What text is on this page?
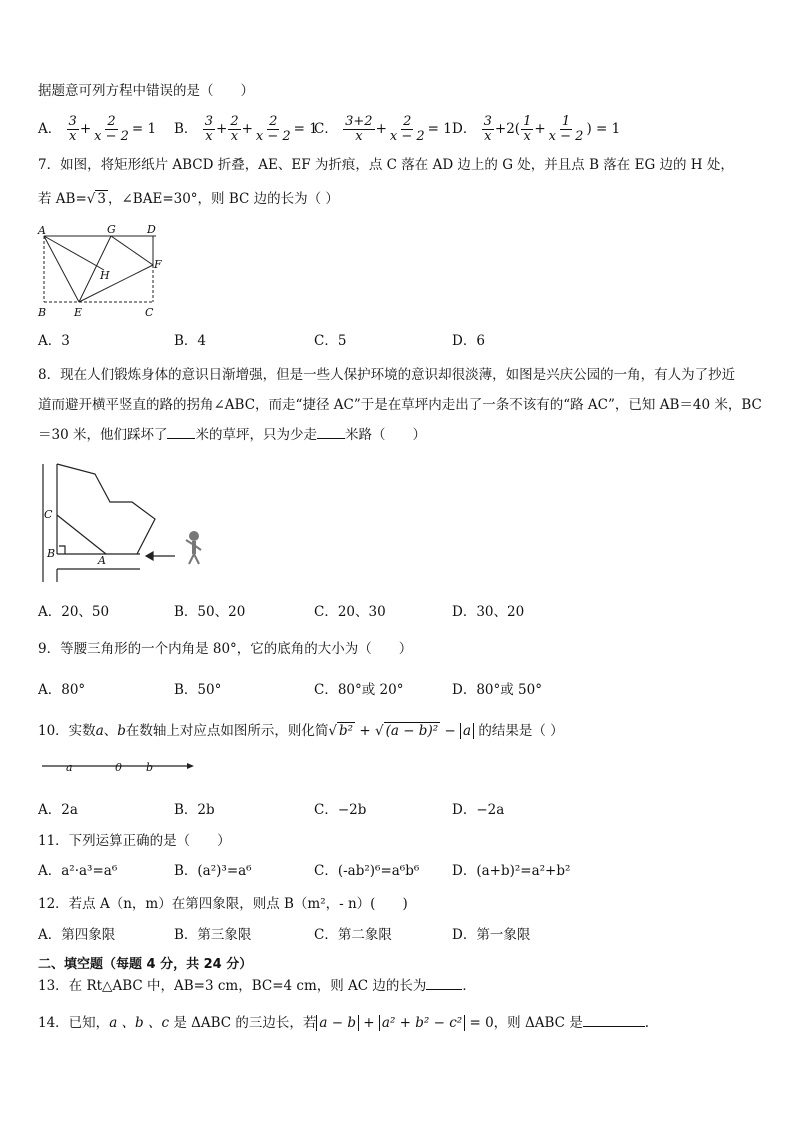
据题意可列方程中错误的是（　　）
A． $\frac{3}{x} + \frac{2}{x - 2} = 1$ B． $\frac{3}{x} + \frac{2}{x} + \frac{2}{x - 2} = 1$
C． $\frac{3+2}{x} + \frac{2}{x - 2} = 1$ D． $\frac{3}{x} +2( \frac{1}{x} + \frac{1}{x - 2}$ ) = 1
7．如图，将矩形纸片 ABCD 折叠，AE、EF 为折痕，点 C 落在 AD 边上的 G 处，并且点 B 落在 EG 边的 H 处，
若 AB=√ 3 ，∠BAE=30°，则 BC 边的长为（ ）
A	G	D
H
F
B	E	C
A．3	B．4	C．5	D．6
8．现在人们锻炼身体的意识日渐增强，但是一些人保护环境的意识却很淡薄，如图是兴庆公园的一角，有人为了抄近
道而避开横平竖直的路的拐角∠ABC，而走“捷径 AC”于是在草坪内走出了一条不该有的“路 AC”，已知 AB＝40 米，BC
＝30 米，他们踩坏了 米的草坪，只为少走 米路（　　）
C
B
A
A．20、50	B．50、20	C．20、30	D．30、20
9．等腰三角形的一个内角是 80°，它的底角的大小为（　　）
A．80°	B．50°	C．80°或 20°	D．80°或 50°
10．实数a、b在数轴上对应点如图所示，则化简√ b² + √ (a − b)² − a 的结果是（ ）
a	0 b
A．2a	B．2b	C．−2b	D．−2a
11．下列运算正确的是（　　）
A．a²·a³=a⁶	B．(a²)³=a⁶	C．(-ab²)⁶=a⁶b⁶ D．(a+b)²=a²+b²
12．若点 A（n，m）在第四象限，则点 B（m²，- n）(　　)
A．第四象限	B．第三象限	C．第二象限	D．第一象限
二、填空题（每题 4 分，共 24 分）
13．在 Rt△ABC 中，AB=3 cm，BC=4 cm，则 AC 边的长为	．
14．已知，a 、b 、c 是 ΔABC 的三边长，若 a − b + a² + b² − c² = 0，则 ΔABC 是	.
